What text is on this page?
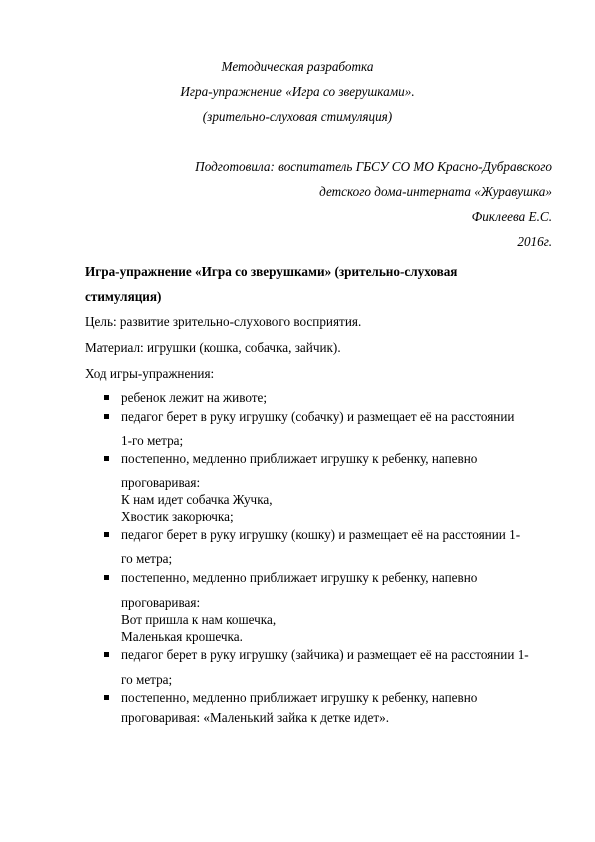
Методическая разработка
Игра-упражнение «Игра со зверушками».
(зрительно-слуховая стимуляция)
Подготовила: воспитатель ГБСУ СО МО Красно-Дубравского
детского дома-интерната «Журавушка»
Фиклеева Е.С.
2016г.
Игра-упражнение «Игра со зверушками» (зрительно-слуховая
стимуляция)
Цель: развитие зрительно-слухового восприятия.
Материал: игрушки (кошка, собачка, зайчик).
Ход игры-упражнения:
ребенок лежит на животе;
педагог берет в руку игрушку (собачку) и размещает её на расстоянии
1-го метра;
постепенно, медленно приближает игрушку к ребенку, напевно
проговаривая:
К нам идет собачка Жучка,
Хвостик закорючка;
педагог берет в руку игрушку (кошку) и размещает её на расстоянии 1-
го метра;
постепенно, медленно приближает игрушку к ребенку, напевно
проговаривая:
Вот пришла к нам кошечка,
Маленькая крошечка.
педагог берет в руку игрушку (зайчика) и размещает её на расстоянии 1-
го метра;
постепенно, медленно приближает игрушку к ребенку, напевно
проговаривая: «Маленький зайка к детке идет».
